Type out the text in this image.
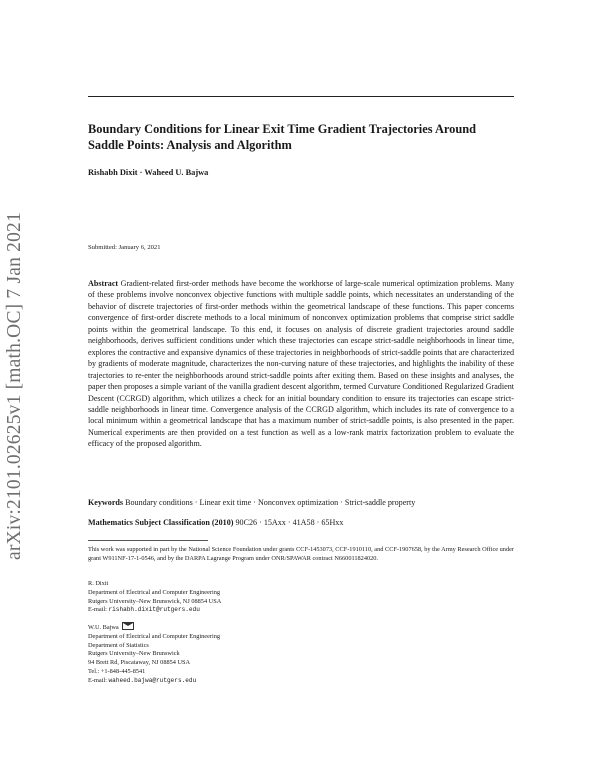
arXiv:2101.02625v1 [math.OC] 7 Jan 2021
Boundary Conditions for Linear Exit Time Gradient Trajectories Around Saddle Points: Analysis and Algorithm
Rishabh Dixit · Waheed U. Bajwa
Submitted: January 6, 2021
Abstract Gradient-related first-order methods have become the workhorse of large-scale numerical optimization problems. Many of these problems involve nonconvex objective functions with multiple saddle points, which necessitates an understanding of the behavior of discrete trajectories of first-order methods within the geometrical landscape of these functions. This paper concerns convergence of first-order discrete methods to a local minimum of nonconvex optimization problems that comprise strict saddle points within the geometrical landscape. To this end, it focuses on analysis of discrete gradient trajectories around saddle neighborhoods, derives sufficient conditions under which these trajectories can escape strict-saddle neighborhoods in linear time, explores the contractive and expansive dynamics of these trajectories in neighborhoods of strict-saddle points that are characterized by gradients of moderate magnitude, characterizes the non-curving nature of these trajectories, and highlights the inability of these trajectories to re-enter the neighborhoods around strict-saddle points after exiting them. Based on these insights and analyses, the paper then proposes a simple variant of the vanilla gradient descent algorithm, termed Curvature Conditioned Regularized Gradient Descent (CCRGD) algorithm, which utilizes a check for an initial boundary condition to ensure its trajectories can escape strict-saddle neighborhoods in linear time. Convergence analysis of the CCRGD algorithm, which includes its rate of convergence to a local minimum within a geometrical landscape that has a maximum number of strict-saddle points, is also presented in the paper. Numerical experiments are then provided on a test function as well as a low-rank matrix factorization problem to evaluate the efficacy of the proposed algorithm.
Keywords Boundary conditions · Linear exit time · Nonconvex optimization · Strict-saddle property
Mathematics Subject Classification (2010) 90C26 · 15Axx · 41A58 · 65Hxx
This work was supported in part by the National Science Foundation under grants CCF-1453073, CCF-1910110, and CCF-1907658, by the Army Research Office under grant W911NF-17-1-0546, and by the DARPA Lagrange Program under ONR/SPAWAR contract N660011824020.
R. Dixit
Department of Electrical and Computer Engineering
Rutgers University–New Brunswick, NJ 08854 USA
E-mail: rishabh.dixit@rutgers.edu
W.U. Bajwa
Department of Electrical and Computer Engineering
Department of Statistics
Rutgers University–New Brunswick
94 Brett Rd, Piscataway, NJ 08854 USA
Tel.: +1-848-445-8541
E-mail: waheed.bajwa@rutgers.edu
